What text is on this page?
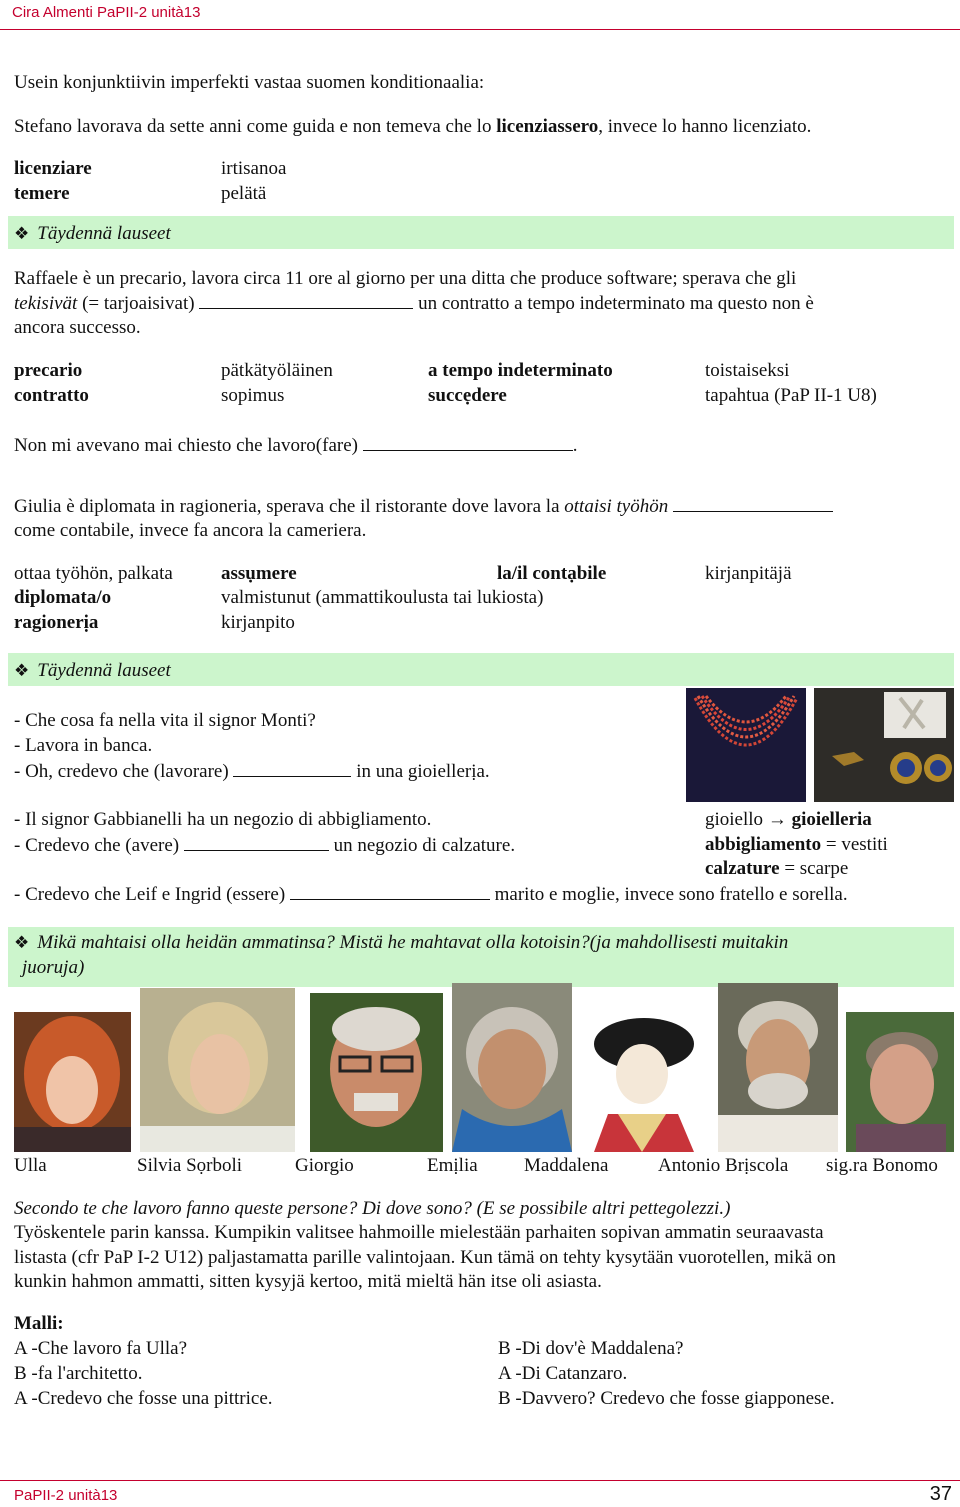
Cira Almenti PaPII-2 unità13
Usein konjunktiivin imperfekti vastaa suomen konditionaalia:
Stefano lavorava da sette anni come guida e non temeva che lo licenziassero, invece lo hanno licenziato.
licenziare	irtisanoa
temere	pelätä
❖ Täydennä lauseet
Raffaele è un precario, lavora circa 11 ore al giorno per una ditta che produce software; sperava che gli
tekisivät (= tarjoaisivat)	un contratto a tempo indeterminato ma questo non è
ancora successo.
precario	pätkätyöläinen	a tempo indeterminato	toistaiseksi
contratto	sopimus	succẹdere	tapahtua (PaP II-1 U8)
Non mi avevano mai chiesto che lavoro(fare)	.
Giulia è diplomata in ragioneria, sperava che il ristorante dove lavora la ottaisi työhön
come contabile, invece fa ancora la cameriera.
ottaa työhön, palkata	assụmere	la/il contạbile	kirjanpitäjä
diplomata/o	valmistunut (ammattikoulusta tai lukiosta)
ragionerịa	kirjanpito
❖ Täydennä lauseet
- Che cosa fa nella vita il signor Monti?
- Lavora in banca.
- Oh, credevo che (lavorare)	in una gioiellerịa.
- Il signor Gabbianelli ha un negozio di abbigliamento.
- Credevo che (avere)	un negozio di calzature.
- Credevo che Leif e Ingrid (essere)	marito e moglie, invece sono fratello e sorella.
gioiello → gioielleria
abbigliamento = vestiti
calzature = scarpe
❖ Mikä mahtaisi olla heidän ammatinsa? Mistä he mahtavat olla kotoisin?(ja mahdollisesti muitakin
juoruja)
Ulla	Silvia Sọrboli	Giorgio	Emịlia Maddalena	Antonio Brịscola sig.ra Bonomo
Secondo te che lavoro fanno queste persone? Di dove sono? (E se possibile altri pettegolezzi.)
Työskentele parin kanssa. Kumpikin valitsee hahmoille mielestään parhaiten sopivan ammatin seuraavasta
listasta (cfr PaP I-2 U12) paljastamatta parille valintojaan. Kun tämä on tehty kysytään vuorotellen, mikä on
kunkin hahmon ammatti, sitten kysyjä kertoo, mitä mieltä hän itse oli asiasta.
Malli:
A -Che lavoro fa Ulla?
B -fa l'architetto.
A -Credevo che fosse una pittrice.
B -Di dov'è Maddalena?
A -Di Catanzaro.
B -Davvero? Credevo che fosse giapponese.
PaPII-2 unità13	37
